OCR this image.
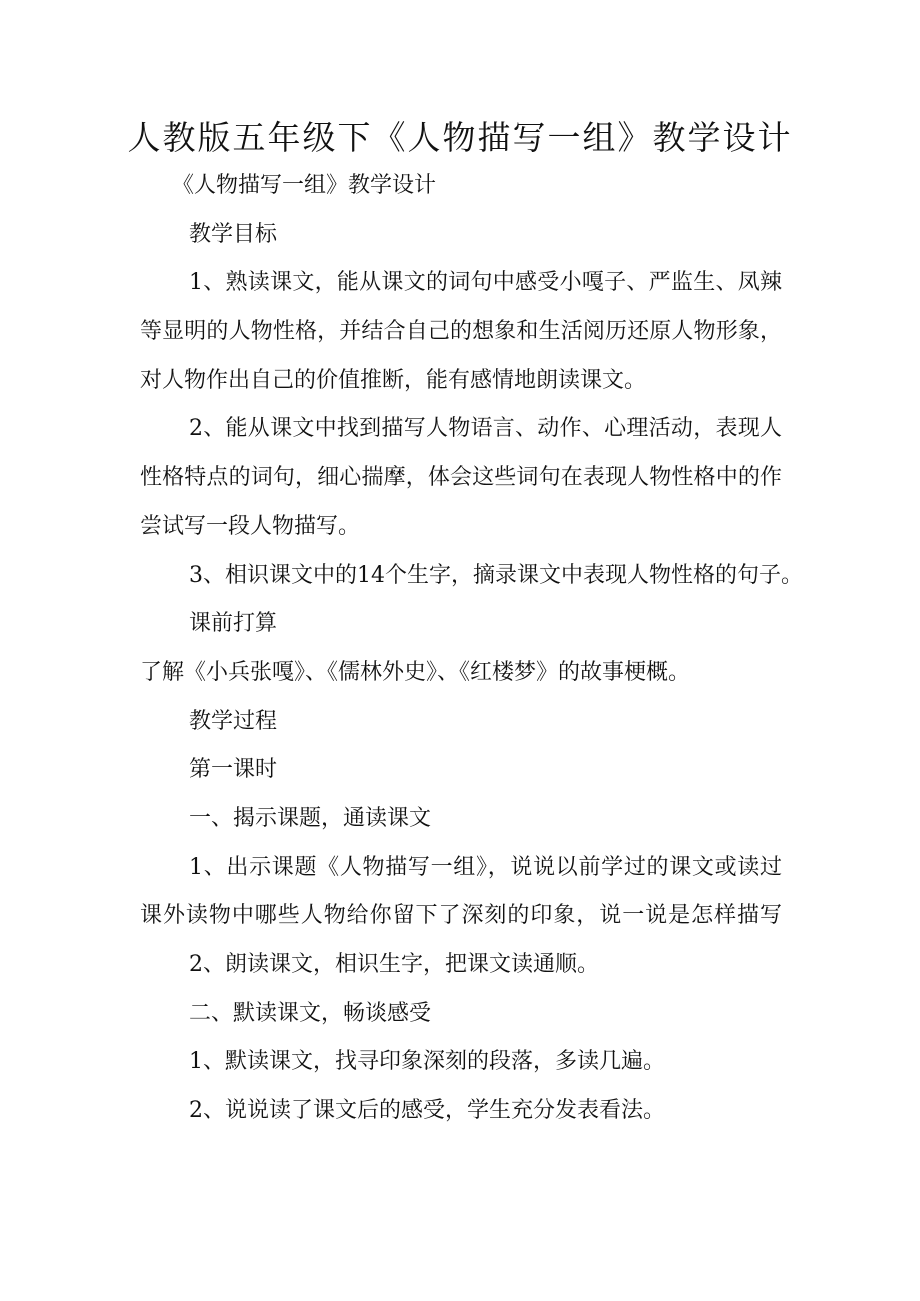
人教版五年级下《人物描写一组》教学设计
《人物描写一组》教学设计
教学目标
1、熟读课文，能从课文的词句中感受小嘎子、严监生、凤辣
等显明的人物性格，并结合自己的想象和生活阅历还原人物形象，
对人物作出自己的价值推断，能有感情地朗读课文。
2、能从课文中找到描写人物语言、动作、心理活动，表现人
性格特点的词句，细心揣摩，体会这些词句在表现人物性格中的作
尝试写一段人物描写。
3、相识课文中的14个生字，摘录课文中表现人物性格的句子。
课前打算
了解《小兵张嘎》、《儒林外史》、《红楼梦》的故事梗概。
教学过程
第一课时
一、揭示课题，通读课文
1、出示课题《人物描写一组》，说说以前学过的课文或读过
课外读物中哪些人物给你留下了深刻的印象，说一说是怎样描写
2、朗读课文，相识生字，把课文读通顺。
二、默读课文，畅谈感受
1、默读课文，找寻印象深刻的段落，多读几遍。
2、说说读了课文后的感受，学生充分发表看法。
